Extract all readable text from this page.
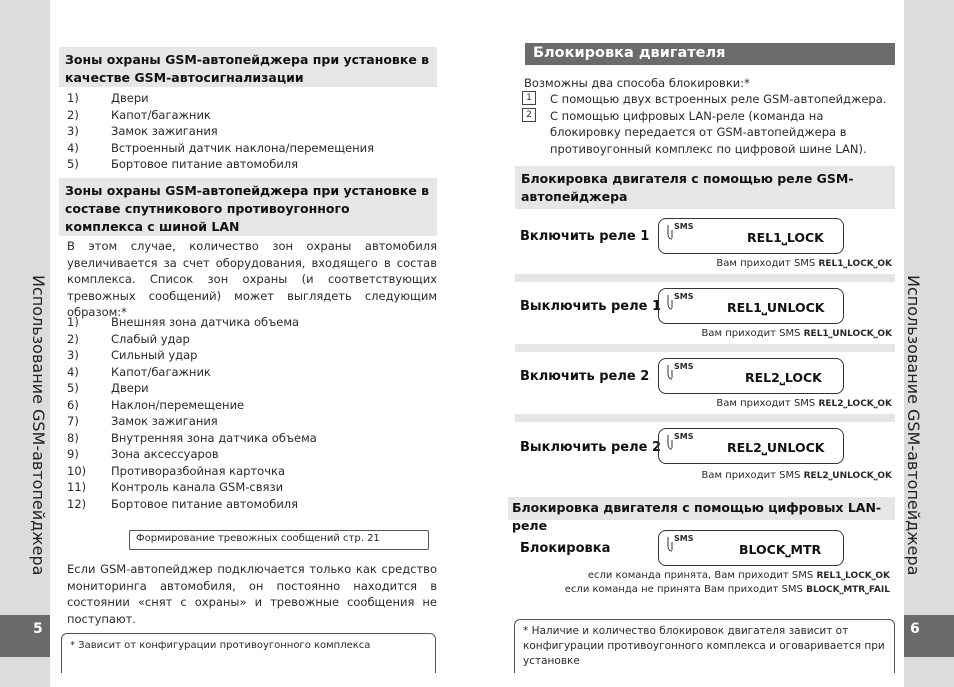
Использование GSM-автопейджера	Использование GSM-автопейджера
5	6
Зоны охраны GSM-автопейджера при установке в качестве GSM-автосигнализации
1)	Двери
2)	Капот/багажник
3)	Замок зажигания
4)	Встроенный датчик наклона/перемещения
5)	Бортовое питание автомобиля
Зоны охраны GSM-автопейджера при установке в составе спутникового противоугонного комплекса с шиной LAN
В этом случае, количество зон охраны автомобиля увеличивается за счет оборудования, входящего в состав комплекса. Список зон охраны (и соответствующих тревожных сообщений) может выглядеть следующим образом:*
1)	Внешняя зона датчика объема
2)	Слабый удар
3)	Сильный удар
4)	Капот/багажник
5)	Двери
6)	Наклон/перемещение
7)	Замок зажигания
8)	Внутренняя зона датчика объема
9)	Зона аксессуаров
10)	Противоразбойная карточка
11)	Контроль канала GSM-связи
12)	Бортовое питание автомобиля
Формирование тревожных сообщений стр. 21
Если GSM-автопейджер подключается только как средство мониторинга автомобиля, он постоянно находится в состоянии «снят с охраны» и тревожные сообщения не поступают.
* Зависит от конфигурации противоугонного комплекса
Блокировка двигателя
Возможны два способа блокировки:*
1	С помощью двух встроенных реле GSM-автопейджера.
2	С помощью цифровых LAN-реле (команда на блокировку передается от GSM-автопейджера в противоугонный комплекс по цифровой шине LAN).
Блокировка двигателя с помощью реле GSM-автопейджера
Включить реле 1
SMS
REL1⎵LOCK
Вам приходит SMS REL1⎵LOCK⎵OK
Выключить реле 1
SMS
REL1⎵UNLOCK
Вам приходит SMS REL1⎵UNLOCK⎵OK
Включить реле 2
SMS
REL2⎵LOCK
Вам приходит SMS REL2⎵LOCK⎵OK
Выключить реле 2
SMS
REL2⎵UNLOCK
Вам приходит SMS REL2⎵UNLOCK⎵OK
Блокировка двигателя с помощью цифровых LAN-реле
Блокировка
SMS
BLOCK⎵MTR
если команда принята, Вам приходит SMS REL1⎵LOCK⎵OK
если команда не принята Вам приходит SMS BLOCK⎵MTR⎵FAIL
* Наличие и количество блокировок двигателя зависит от конфигурации противоугонного комплекса и оговаривается при установке
